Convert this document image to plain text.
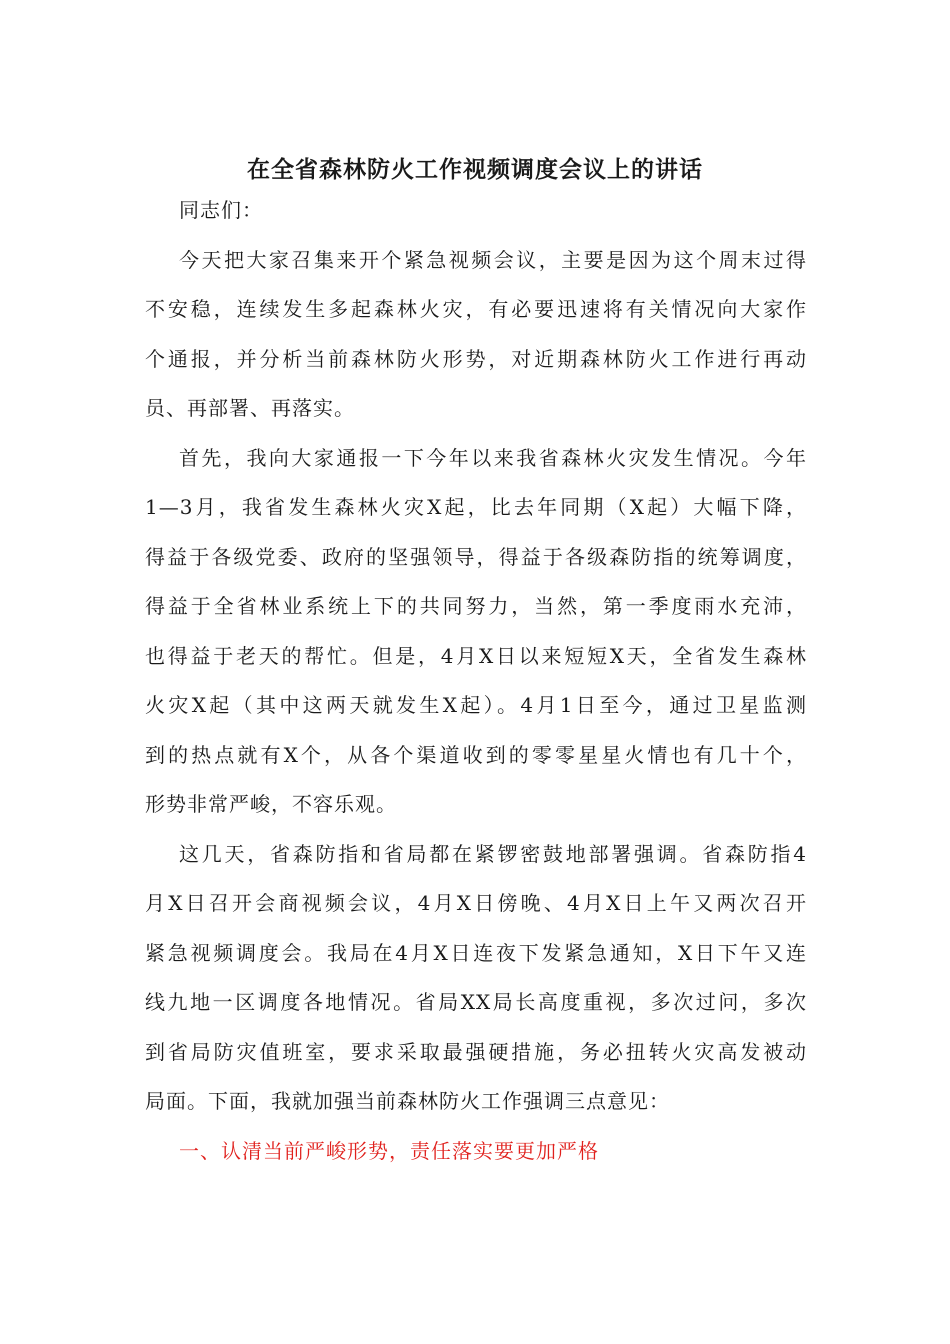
在全省森林防火工作视频调度会议上的讲话
同志们：
今天把大家召集来开个紧急视频会议，主要是因为这个周末过得
不安稳，连续发生多起森林火灾，有必要迅速将有关情况向大家作
个通报，并分析当前森林防火形势，对近期森林防火工作进行再动
员、再部署、再落实。
首先，我向大家通报一下今年以来我省森林火灾发生情况。今年
1—3月，我省发生森林火灾X起，比去年同期（X起）大幅下降，
得益于各级党委、政府的坚强领导，得益于各级森防指的统筹调度，
得益于全省林业系统上下的共同努力，当然，第一季度雨水充沛，
也得益于老天的帮忙。但是，4月X日以来短短X天，全省发生森林
火灾X起（其中这两天就发生X起）。4月1日至今，通过卫星监测
到的热点就有X个，从各个渠道收到的零零星星火情也有几十个，
形势非常严峻，不容乐观。
这几天，省森防指和省局都在紧锣密鼓地部署强调。省森防指4
月X日召开会商视频会议，4月X日傍晚、4月X日上午又两次召开
紧急视频调度会。我局在4月X日连夜下发紧急通知，X日下午又连
线九地一区调度各地情况。省局XX局长高度重视，多次过问，多次
到省局防灾值班室，要求采取最强硬措施，务必扭转火灾高发被动
局面。下面，我就加强当前森林防火工作强调三点意见：
一、认清当前严峻形势，责任落实要更加严格
